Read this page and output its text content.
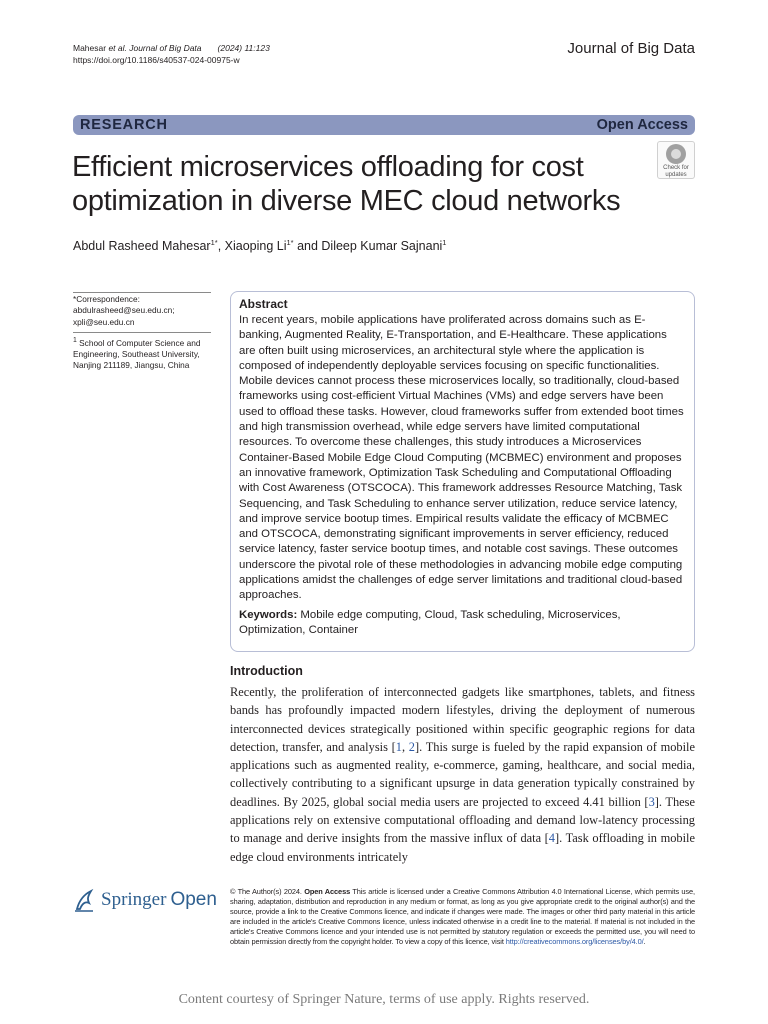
Mahesar et al. Journal of Big Data (2024) 11:123
https://doi.org/10.1186/s40537-024-00975-w
Journal of Big Data
RESEARCH	Open Access
Efficient microservices offloading for cost optimization in diverse MEC cloud networks
Check for
updates
Abdul Rasheed Mahesar$^{1*}$, Xiaoping $Li^{1*}$ and Dileep Kumar Sajnani$^1$
*Correspondence:
abdulrasheed@seu.edu.cn;
xpli@seu.edu.cn
$^1$ School of Computer Science and Engineering, Southeast University, Nanjing 211189, Jiangsu, China
Abstract
In recent years, mobile applications have proliferated across domains such as E-banking, Augmented Reality, E-Transportation, and E-Healthcare. These applications are often built using microservices, an architectural style where the application is composed of independently deployable services focusing on specific functionalities. Mobile devices cannot process these microservices locally, so traditionally, cloud-based frameworks using cost-efficient Virtual Machines (VMs) and edge servers have been used to offload these tasks. However, cloud frameworks suffer from extended boot times and high transmission overhead, while edge servers have limited computational resources. To overcome these challenges, this study introduces a Microservices Container-Based Mobile Edge Cloud Computing (MCBMEC) environment and proposes an innovative framework, Optimization Task Scheduling and Computational Offloading with Cost Awareness (OTSCOCA). This framework addresses Resource Matching, Task Sequencing, and Task Scheduling to enhance server utilization, reduce service latency, and improve service bootup times. Empirical results validate the efficacy of MCBMEC and OTSCOCA, demonstrating significant improvements in server efficiency, reduced service latency, faster service bootup times, and notable cost savings. These outcomes underscore the pivotal role of these methodologies in advancing mobile edge computing applications amidst the challenges of edge server limitations and traditional cloud-based approaches.
Keywords: Mobile edge computing, Cloud, Task scheduling, Microservices, Optimization, Container
Introduction
Recently, the proliferation of interconnected gadgets like smartphones, tablets, and fitness bands has profoundly impacted modern lifestyles, driving the deployment of numerous interconnected devices strategically positioned within specific geographic regions for data detection, transfer, and analysis [1, 2]. This surge is fueled by the rapid expansion of mobile applications such as augmented reality, e-commerce, gaming, healthcare, and social media, collectively contributing to a significant upsurge in data generation typically constrained by deadlines. By 2025, global social media users are projected to exceed 4.41 billion [3]. These applications rely on extensive computational offloading and demand low-latency processing to manage and derive insights from the massive influx of data [4]. Task offloading in mobile edge cloud environments intricately
Springer Open © The Author(s) 2024. Open Access This article is licensed under a Creative Commons Attribution 4.0 International License, which permits use, sharing, adaptation, distribution and reproduction in any medium or format, as long as you give appropriate credit to the original author(s) and the source, provide a link to the Creative Commons licence, and indicate if changes were made. The images or other third party material in this article are included in the article's Creative Commons licence, unless indicated otherwise in a credit line to the material. If material is not included in the article's Creative Commons licence and your intended use is not permitted by statutory regulation or exceeds the permitted use, you will need to obtain permission directly from the copyright holder. To view a copy of this licence, visit http://creativecommons.org/licenses/by/4.0/.
Content courtesy of Springer Nature, terms of use apply. Rights reserved.
